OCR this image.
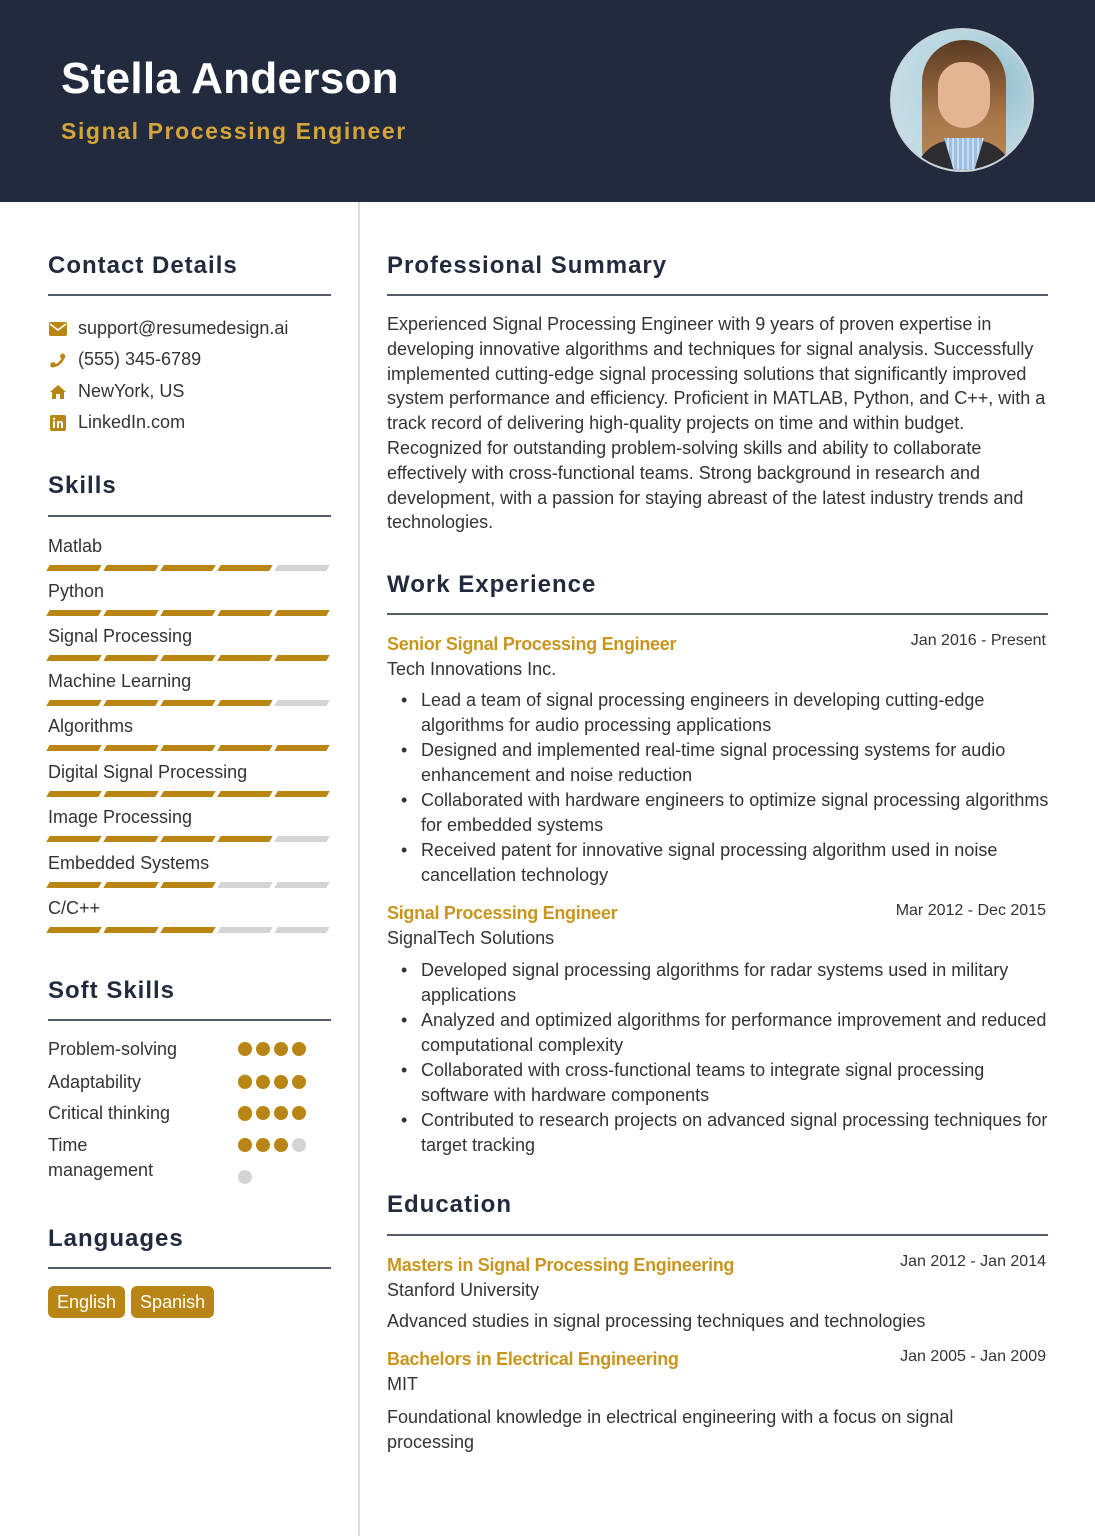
Stella Anderson
Signal Processing Engineer
Contact Details
support@resumedesign.ai
(555) 345-6789
NewYork, US
LinkedIn.com
Skills
Matlab
Python
Signal Processing
Machine Learning
Algorithms
Digital Signal Processing
Image Processing
Embedded Systems
C/C++
Soft Skills
Problem-solving
Adaptability
Critical thinking
Time
management
Languages
English	Spanish
Professional Summary

Experienced Signal Processing Engineer with 9 years of proven expertise in developing innovative algorithms and techniques for signal analysis. Successfully implemented cutting-edge signal processing solutions that significantly improved system performance and efficiency. Proficient in MATLAB, Python, and C++, with a track record of delivering high-quality projects on time and within budget. Recognized for outstanding problem-solving skills and ability to collaborate effectively with cross-functional teams. Strong background in research and development, with a passion for staying abreast of the latest industry trends and technologies.

Work Experience
Senior Signal Processing Engineer	Jan 2016 - Present
Tech Innovations Inc.
• Lead a team of signal processing engineers in developing cutting-edge algorithms for audio processing applications
• Designed and implemented real-time signal processing systems for audio enhancement and noise reduction
• Collaborated with hardware engineers to optimize signal processing algorithms for embedded systems
• Received patent for innovative signal processing algorithm used in noise cancellation technology
Signal Processing Engineer	Mar 2012 - Dec 2015
SignalTech Solutions
• Developed signal processing algorithms for radar systems used in military applications
• Analyzed and optimized algorithms for performance improvement and reduced computational complexity
• Collaborated with cross-functional teams to integrate signal processing software with hardware components
• Contributed to research projects on advanced signal processing techniques for target tracking
Education
Masters in Signal Processing Engineering	Jan 2012 - Jan 2014
Stanford University
Advanced studies in signal processing techniques and technologies
Bachelors in Electrical Engineering	Jan 2005 - Jan 2009
MIT
Foundational knowledge in electrical engineering with a focus on signal processing
